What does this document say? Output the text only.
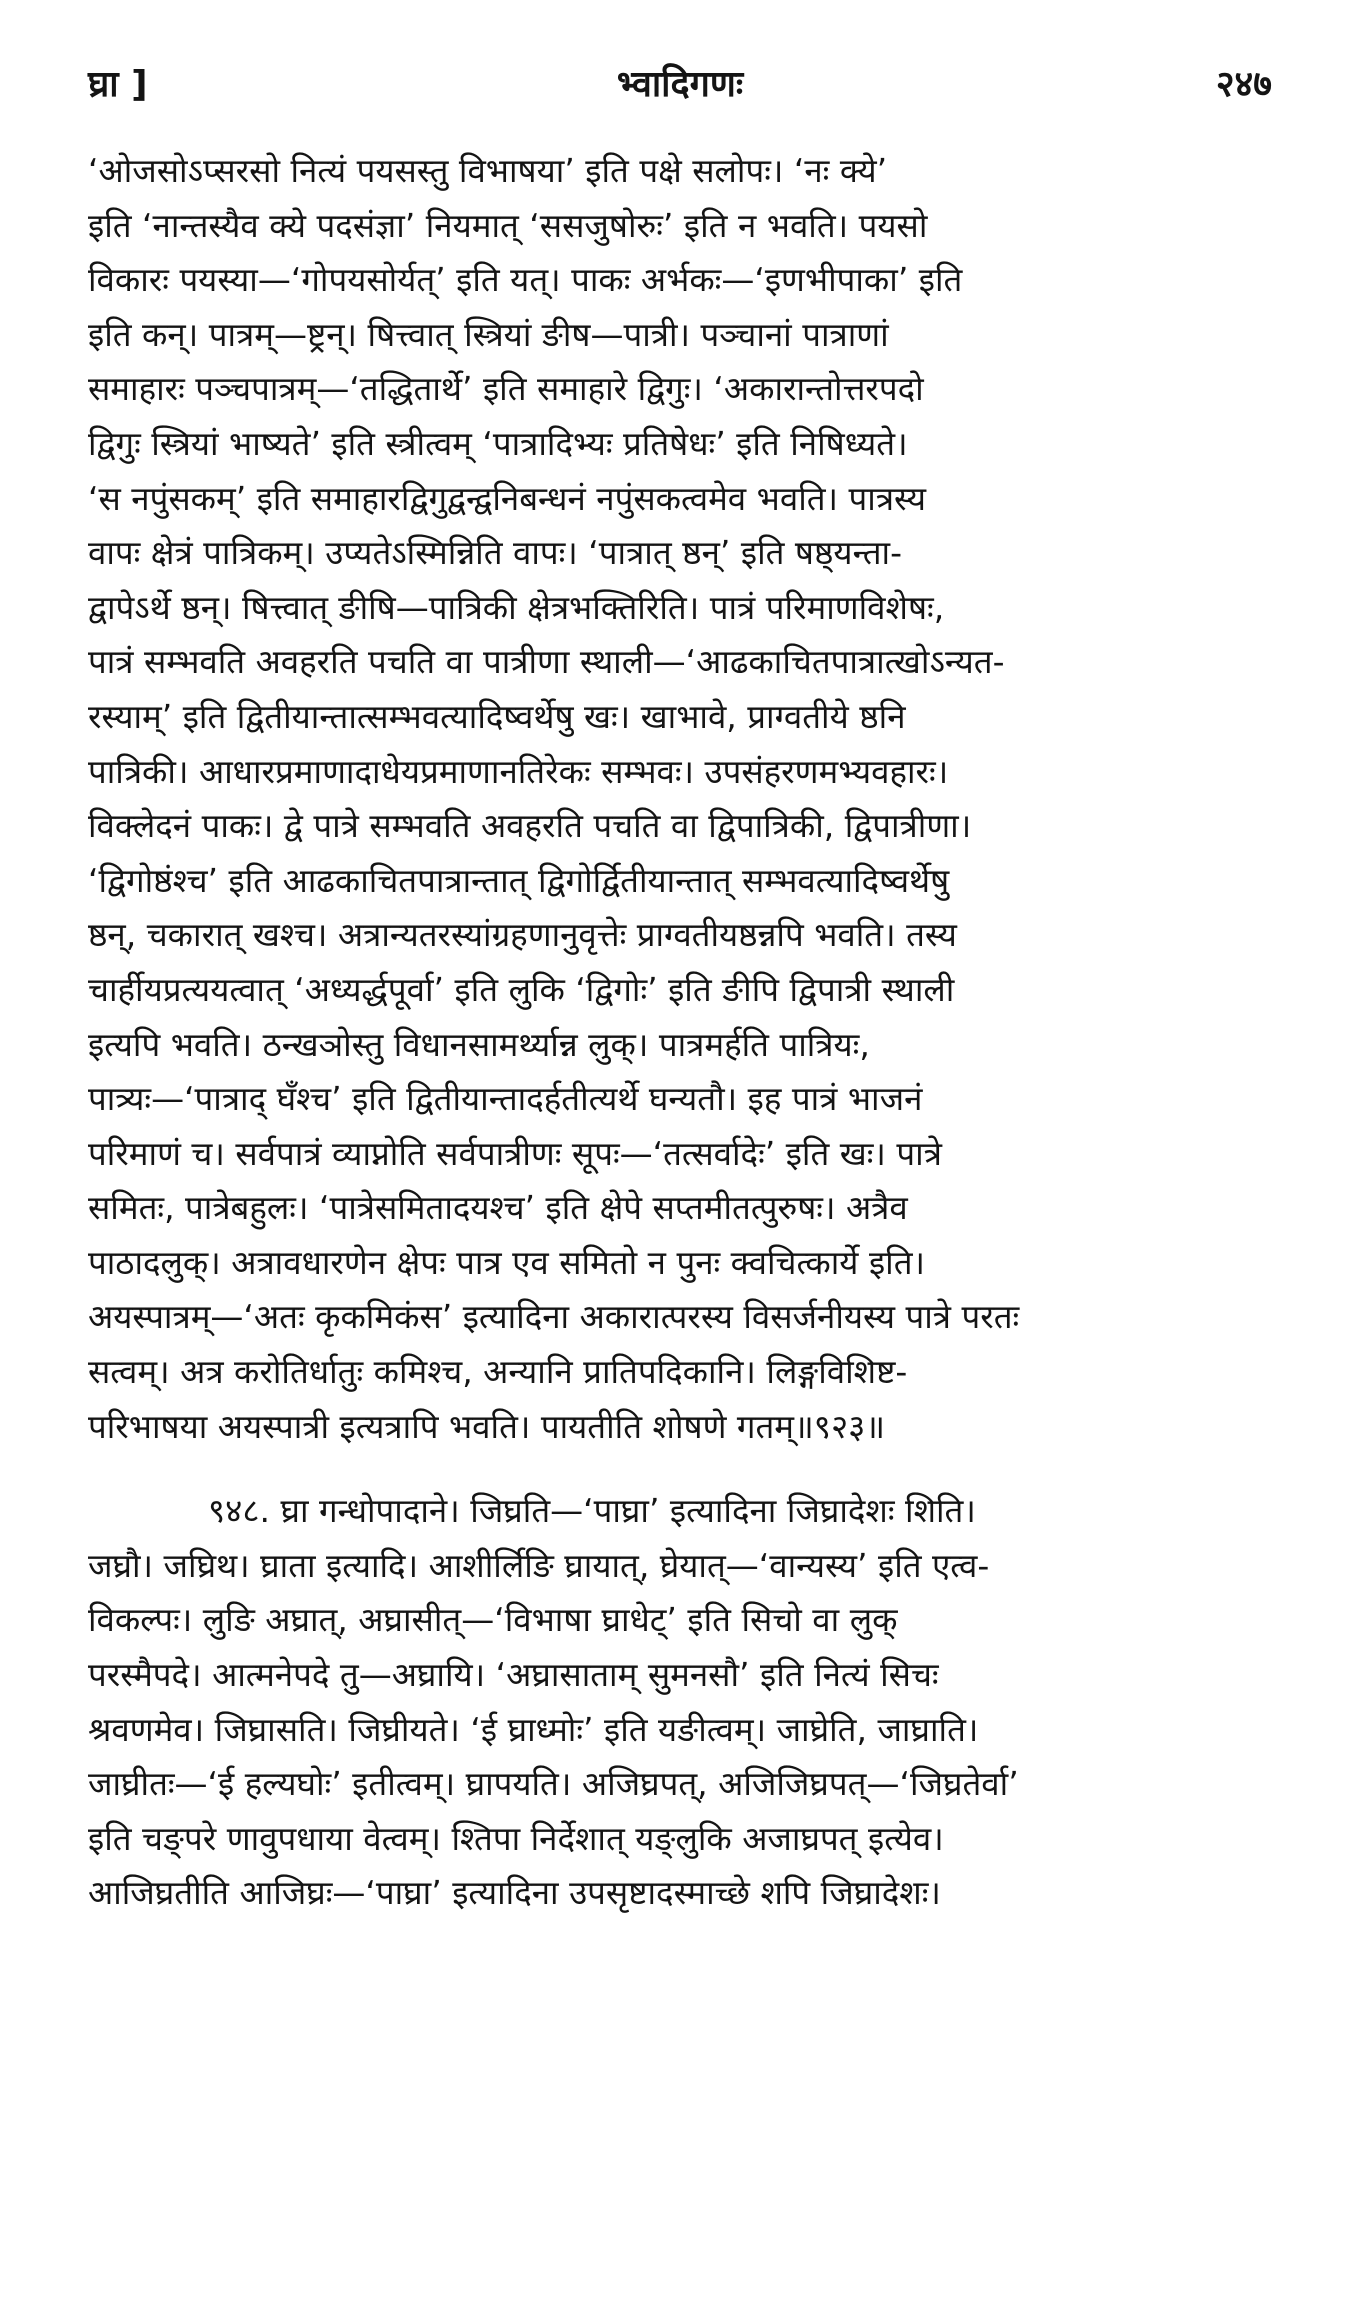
घ्रा ]	भ्वादिगणः	२४७
‘ओजसोऽप्सरसो नित्यं पयसस्तु विभाषया’ इति पक्षे सलोपः। ‘नः क्ये’
इति ‘नान्तस्यैव क्ये पदसंज्ञा’ नियमात् ‘ससजुषोरुः’ इति न भवति। पयसो
विकारः पयस्या—‘गोपयसोर्यत्’ इति यत्। पाकः अर्भकः—‘इणभीपाका’ इति
इति कन्। पात्रम्—ष्ट्रन्। षित्त्वात् स्त्रियां ङीष—पात्री। पञ्चानां पात्राणां
समाहारः पञ्चपात्रम्—‘तद्धितार्थे’ इति समाहारे द्विगुः। ‘अकारान्तोत्तरपदो
द्विगुः स्त्रियां भाष्यते’ इति स्त्रीत्वम् ‘पात्रादिभ्यः प्रतिषेधः’ इति निषिध्यते।
‘स नपुंसकम्’ इति समाहारद्विगुद्वन्द्वनिबन्धनं नपुंसकत्वमेव भवति। पात्रस्य
वापः क्षेत्रं पात्रिकम्। उप्यतेऽस्मिन्निति वापः। ‘पात्रात् ष्ठन्’ इति षष्ठ्यन्ता-
द्वापेऽर्थे ष्ठन्। षित्त्वात् ङीषि—पात्रिकी क्षेत्रभक्तिरिति। पात्रं परिमाणविशेषः,
पात्रं सम्भवति अवहरति पचति वा पात्रीणा स्थाली—‘आढकाचितपात्रात्खोऽन्यत-
रस्याम्’ इति द्वितीयान्तात्सम्भवत्यादिष्वर्थेषु खः। खाभावे, प्राग्वतीये ष्ठनि
पात्रिकी। आधारप्रमाणादाधेयप्रमाणानतिरेकः सम्भवः। उपसंहरणमभ्यवहारः।
विक्लेदनं पाकः। द्वे पात्रे सम्भवति अवहरति पचति वा द्विपात्रिकी, द्विपात्रीणा।
‘द्विगोष्ठंश्च’ इति आढकाचितपात्रान्तात् द्विगोर्द्वितीयान्तात् सम्भवत्यादिष्वर्थेषु
ष्ठन्, चकारात् खश्च। अत्रान्यतरस्यांग्रहणानुवृत्तेः प्राग्वतीयष्ठन्नपि भवति। तस्य
चार्हीयप्रत्ययत्वात् ‘अध्यर्द्धपूर्वा’ इति लुकि ‘द्विगोः’ इति ङीपि द्विपात्री स्थाली
इत्यपि भवति। ठन्खञोस्तु विधानसामर्थ्यान्न लुक्। पात्रमर्हति पात्रियः,
पात्र्यः—‘पात्राद् घँश्च’ इति द्वितीयान्तादर्हतीत्यर्थे घन्यतौ। इह पात्रं भाजनं
परिमाणं च। सर्वपात्रं व्याप्नोति सर्वपात्रीणः सूपः—‘तत्सर्वादेः’ इति खः। पात्रे
समितः, पात्रेबहुलः। ‘पात्रेसमितादयश्च’ इति क्षेपे सप्तमीतत्पुरुषः। अत्रैव
पाठादलुक्। अत्रावधारणेन क्षेपः पात्र एव समितो न पुनः क्वचित्कार्ये इति।
अयस्पात्रम्—‘अतः कृकमिकंस’ इत्यादिना अकारात्परस्य विसर्जनीयस्य पात्रे परतः
सत्वम्। अत्र करोतिर्धातुः कमिश्च, अन्यानि प्रातिपदिकानि। लिङ्गविशिष्ट-
परिभाषया अयस्पात्री इत्यत्रापि भवति। पायतीति शोषणे गतम्॥९२३॥
९४८. घ्रा गन्धोपादाने। जिघ्रति—‘पाघ्रा’ इत्यादिना जिघ्रादेशः शिति।
जघ्रौ। जघ्रिथ। घ्राता इत्यादि। आशीर्लिङि घ्रायात्, घ्रेयात्—‘वान्यस्य’ इति एत्व-
विकल्पः। लुङि अघ्रात्, अघ्रासीत्—‘विभाषा घ्राधेट्’ इति सिचो वा लुक्
परस्मैपदे। आत्मनेपदे तु—अघ्रायि। ‘अघ्रासाताम् सुमनसौ’ इति नित्यं सिचः
श्रवणमेव। जिघ्रासति। जिघ्रीयते। ‘ई घ्राध्मोः’ इति यङीत्वम्। जाघ्रेति, जाघ्राति।
जाघ्रीतः—‘ई हल्यघोः’ इतीत्वम्। घ्रापयति। अजिघ्रपत्, अजिजिघ्रपत्—‘जिघ्रतेर्वा’
इति चङ्परे णावुपधाया वेत्वम्। श्तिपा निर्देशात् यङ्लुकि अजाघ्रपत् इत्येव।
आजिघ्रतीति आजिघ्रः—‘पाघ्रा’ इत्यादिना उपसृष्टादस्माच्छे शपि जिघ्रादेशः।
